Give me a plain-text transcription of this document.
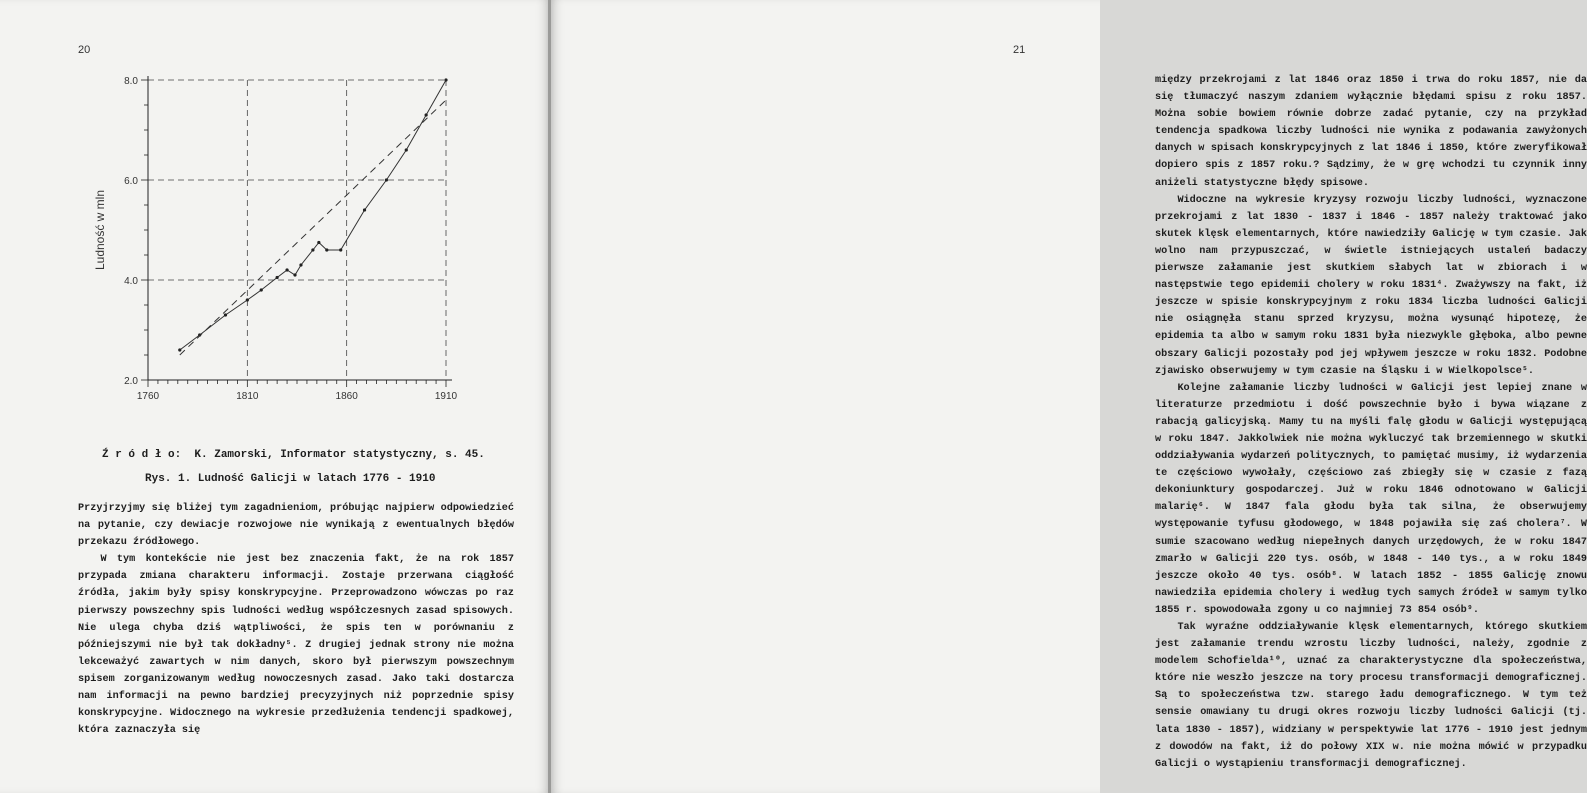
20
1760	1810	1860	1910
2.0
4.0
6.0
8.0
Ludność w mln
Ź r ó d ł o:  K. Zamorski, Informator statystyczny, s. 45.
Rys. 1. Ludność Galicji w latach 1776 - 1910

Przyjrzyjmy się bliżej tym zagadnieniom, próbując najpierw odpowiedzieć na pytanie, czy dewiacje rozwojowe nie wynikają z ewentualnych błędów przekazu źródłowego.

W tym kontekście nie jest bez znaczenia fakt, że na rok 1857 przypada zmiana charakteru informacji. Zostaje przerwana ciągłość źródła, jakim były spisy konskrypcyjne. Przeprowadzono wówczas po raz pierwszy powszechny spis ludności według współczesnych zasad spisowych. Nie ulega chyba dziś wątpliwości, że spis ten w porównaniu z późniejszymi nie był tak dokładny⁵. Z drugiej jednak strony nie można lekceważyć zawartych w nim danych, skoro był pierwszym powszechnym spisem zorganizowanym według nowoczesnych zasad. Jako taki dostarcza nam informacji na pewno bardziej precyzyjnych niż poprzednie spisy konskrypcyjne. Widocznego na wykresie przedłużenia tendencji spadkowej, która zaznaczyła się

21

między przekrojami z lat 1846 oraz 1850 i trwa do roku 1857, nie da się tłumaczyć naszym zdaniem wyłącznie błędami spisu z roku 1857. Można sobie bowiem równie dobrze zadać pytanie, czy na przykład tendencja spadkowa liczby ludności nie wynika z podawania zawyżonych danych w spisach konskrypcyjnych z lat 1846 i 1850, które zweryfikował dopiero spis z 1857 roku.? Sądzimy, że w grę wchodzi tu czynnik inny aniżeli statystyczne błędy spisowe.

Widoczne na wykresie kryzysy rozwoju liczby ludności, wyznaczone przekrojami z lat 1830 - 1837 i 1846 - 1857 należy traktować jako skutek klęsk elementarnych, które nawiedziły Galicję w tym czasie. Jak wolno nam przypuszczać, w świetle istniejących ustaleń badaczy pierwsze załamanie jest skutkiem słabych lat w zbiorach i w następstwie tego epidemii cholery w roku 1831⁴. Zważywszy na fakt, iż jeszcze w spisie konskrypcyjnym z roku 1834 liczba ludności Galicji nie osiągnęła stanu sprzed kryzysu, można wysunąć hipotezę, że epidemia ta albo w samym roku 1831 była niezwykle głęboka, albo pewne obszary Galicji pozostały pod jej wpływem jeszcze w roku 1832. Podobne zjawisko obserwujemy w tym czasie na Śląsku i w Wielkopolsce⁵.

Kolejne załamanie liczby ludności w Galicji jest lepiej znane w literaturze przedmiotu i dość powszechnie było i bywa wiązane z rabacją galicyjską. Mamy tu na myśli falę głodu w Galicji występującą w roku 1847. Jakkolwiek nie można wykluczyć tak brzemiennego w skutki oddziaływania wydarzeń politycznych, to pamiętać musimy, iż wydarzenia te częściowo wywołały, częściowo zaś zbiegły się w czasie z fazą dekoniunktury gospodarczej. Już w roku 1846 odnotowano w Galicji malarię⁶. W 1847 fala głodu była tak silna, że obserwujemy występowanie tyfusu głodowego, w 1848 pojawiła się zaś cholera⁷. W sumie szacowano według niepełnych danych urzędowych, że w roku 1847 zmarło w Galicji 220 tys. osób, w 1848 - 140 tys., a w roku 1849 jeszcze około 40 tys. osób⁸. W latach 1852 - 1855 Galicję znowu nawiedziła epidemia cholery i według tych samych źródeł w samym tylko 1855 r. spowodowała zgony u co najmniej 73 854 osób⁹.

Tak wyraźne oddziaływanie klęsk elementarnych, którego skutkiem jest załamanie trendu wzrostu liczby ludności, należy, zgodnie z modelem Schofielda¹⁰, uznać za charakterystyczne dla społeczeństwa, które nie weszło jeszcze na tory procesu transformacji demograficznej. Są to społeczeństwa tzw. starego ładu demograficznego. W tym też sensie omawiany tu drugi okres rozwoju liczby ludności Galicji (tj. lata 1830 - 1857), widziany w perspektywie lat 1776 - 1910 jest jednym z dowodów na fakt, iż do połowy XIX w. nie można mówić w przypadku Galicji o wystąpieniu transformacji demograficznej.
